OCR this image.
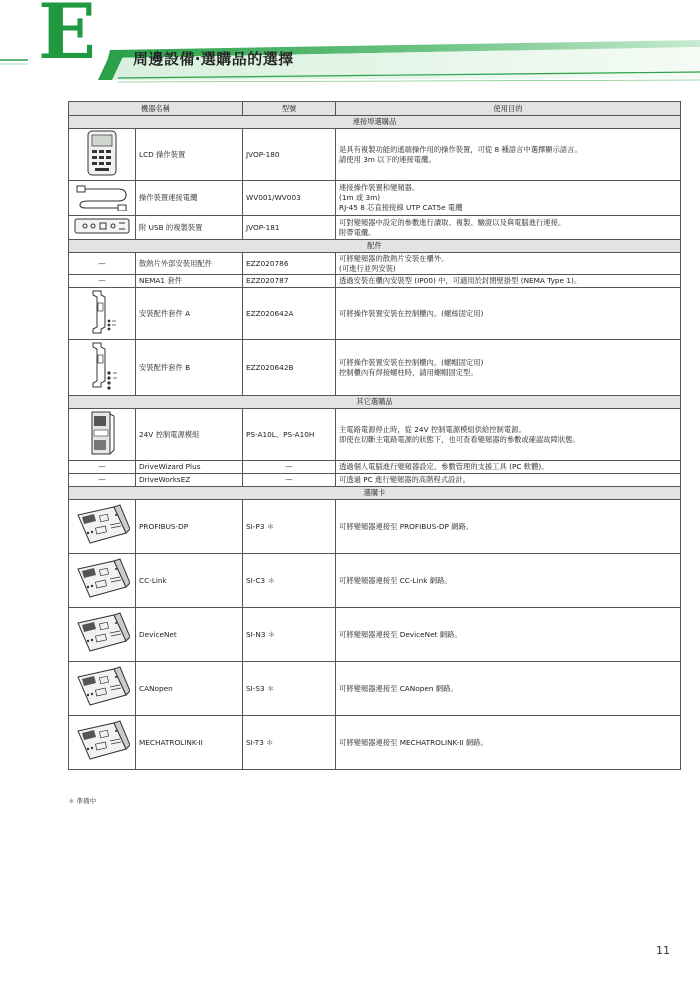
E 周邊設備‧選購品的選擇
機器名稱		型號	使用目的
連接埠選購品			
	LCD 操作裝置	JVOP-180	是具有複製功能的遙端操作用的操作裝置，可從 8 種語言中選擇顯示語言。
請使用 3m 以下的連接電纜。

	操作裝置連接電纜	WV001/WV003	連接操作裝置和變頻器。
(1m 或 3m)
RJ-45 8 芯直接接線 UTP CAT5e 電纜

	附 USB 的複製裝置	JVOP-181	可對變頻器中設定的參數進行讀取、複製、驗證以及與電腦進行連接。
附帶電纜。

配件			
—	散熱片外部安裝用配件	EZZ020786	可將變頻器的散熱片安裝在櫃外。
(可進行並列安裝)

—	NEMA1 套件	EZZ020787	透過安裝在櫃內安裝型 (IP00) 中，可適用於封閉壁掛型 (NEMA Type 1)。

	安裝配件套件 A	EZZ020642A	可將操作裝置安裝在控制櫃內。(螺絲固定用)

	安裝配件套件 B	EZZ020642B	可將操作裝置安裝在控制櫃內。(螺帽固定用)
控制櫃內有焊接螺柱時，請用螺帽固定型。

其它選購品			
	24V 控制電源模組	PS-A10L、PS-A10H	主電路電源停止時，從 24V 控制電源模組供給控制電源。
即使在切斷主電路電源的狀態下，也可查看變頻器的參數或確認故障狀態。

—	DriveWizard Plus	—	透過個人電腦進行變頻器設定、參數管理的支援工具 (PC 軟體)。

—	DriveWorksEZ	—	可透過 PC 進行變頻器的高階程式設計。

選購卡			
	PROFIBUS-DP	SI-P3 ＊	可將變頻器連接至 PROFIBUS-DP 網路。

	CC-Link	SI-C3 ＊	可將變頻器連接至 CC-Link 網路。

	DeviceNet	SI-N3 ＊	可將變頻器連接至 DeviceNet 網路。

	CANopen	SI-S3 ＊	可將變頻器連接至 CANopen 網路。

	MECHATROLINK-II	SI-T3 ＊	可將變頻器連接至 MECHATROLINK-II 網路。
＊ 準備中
11
